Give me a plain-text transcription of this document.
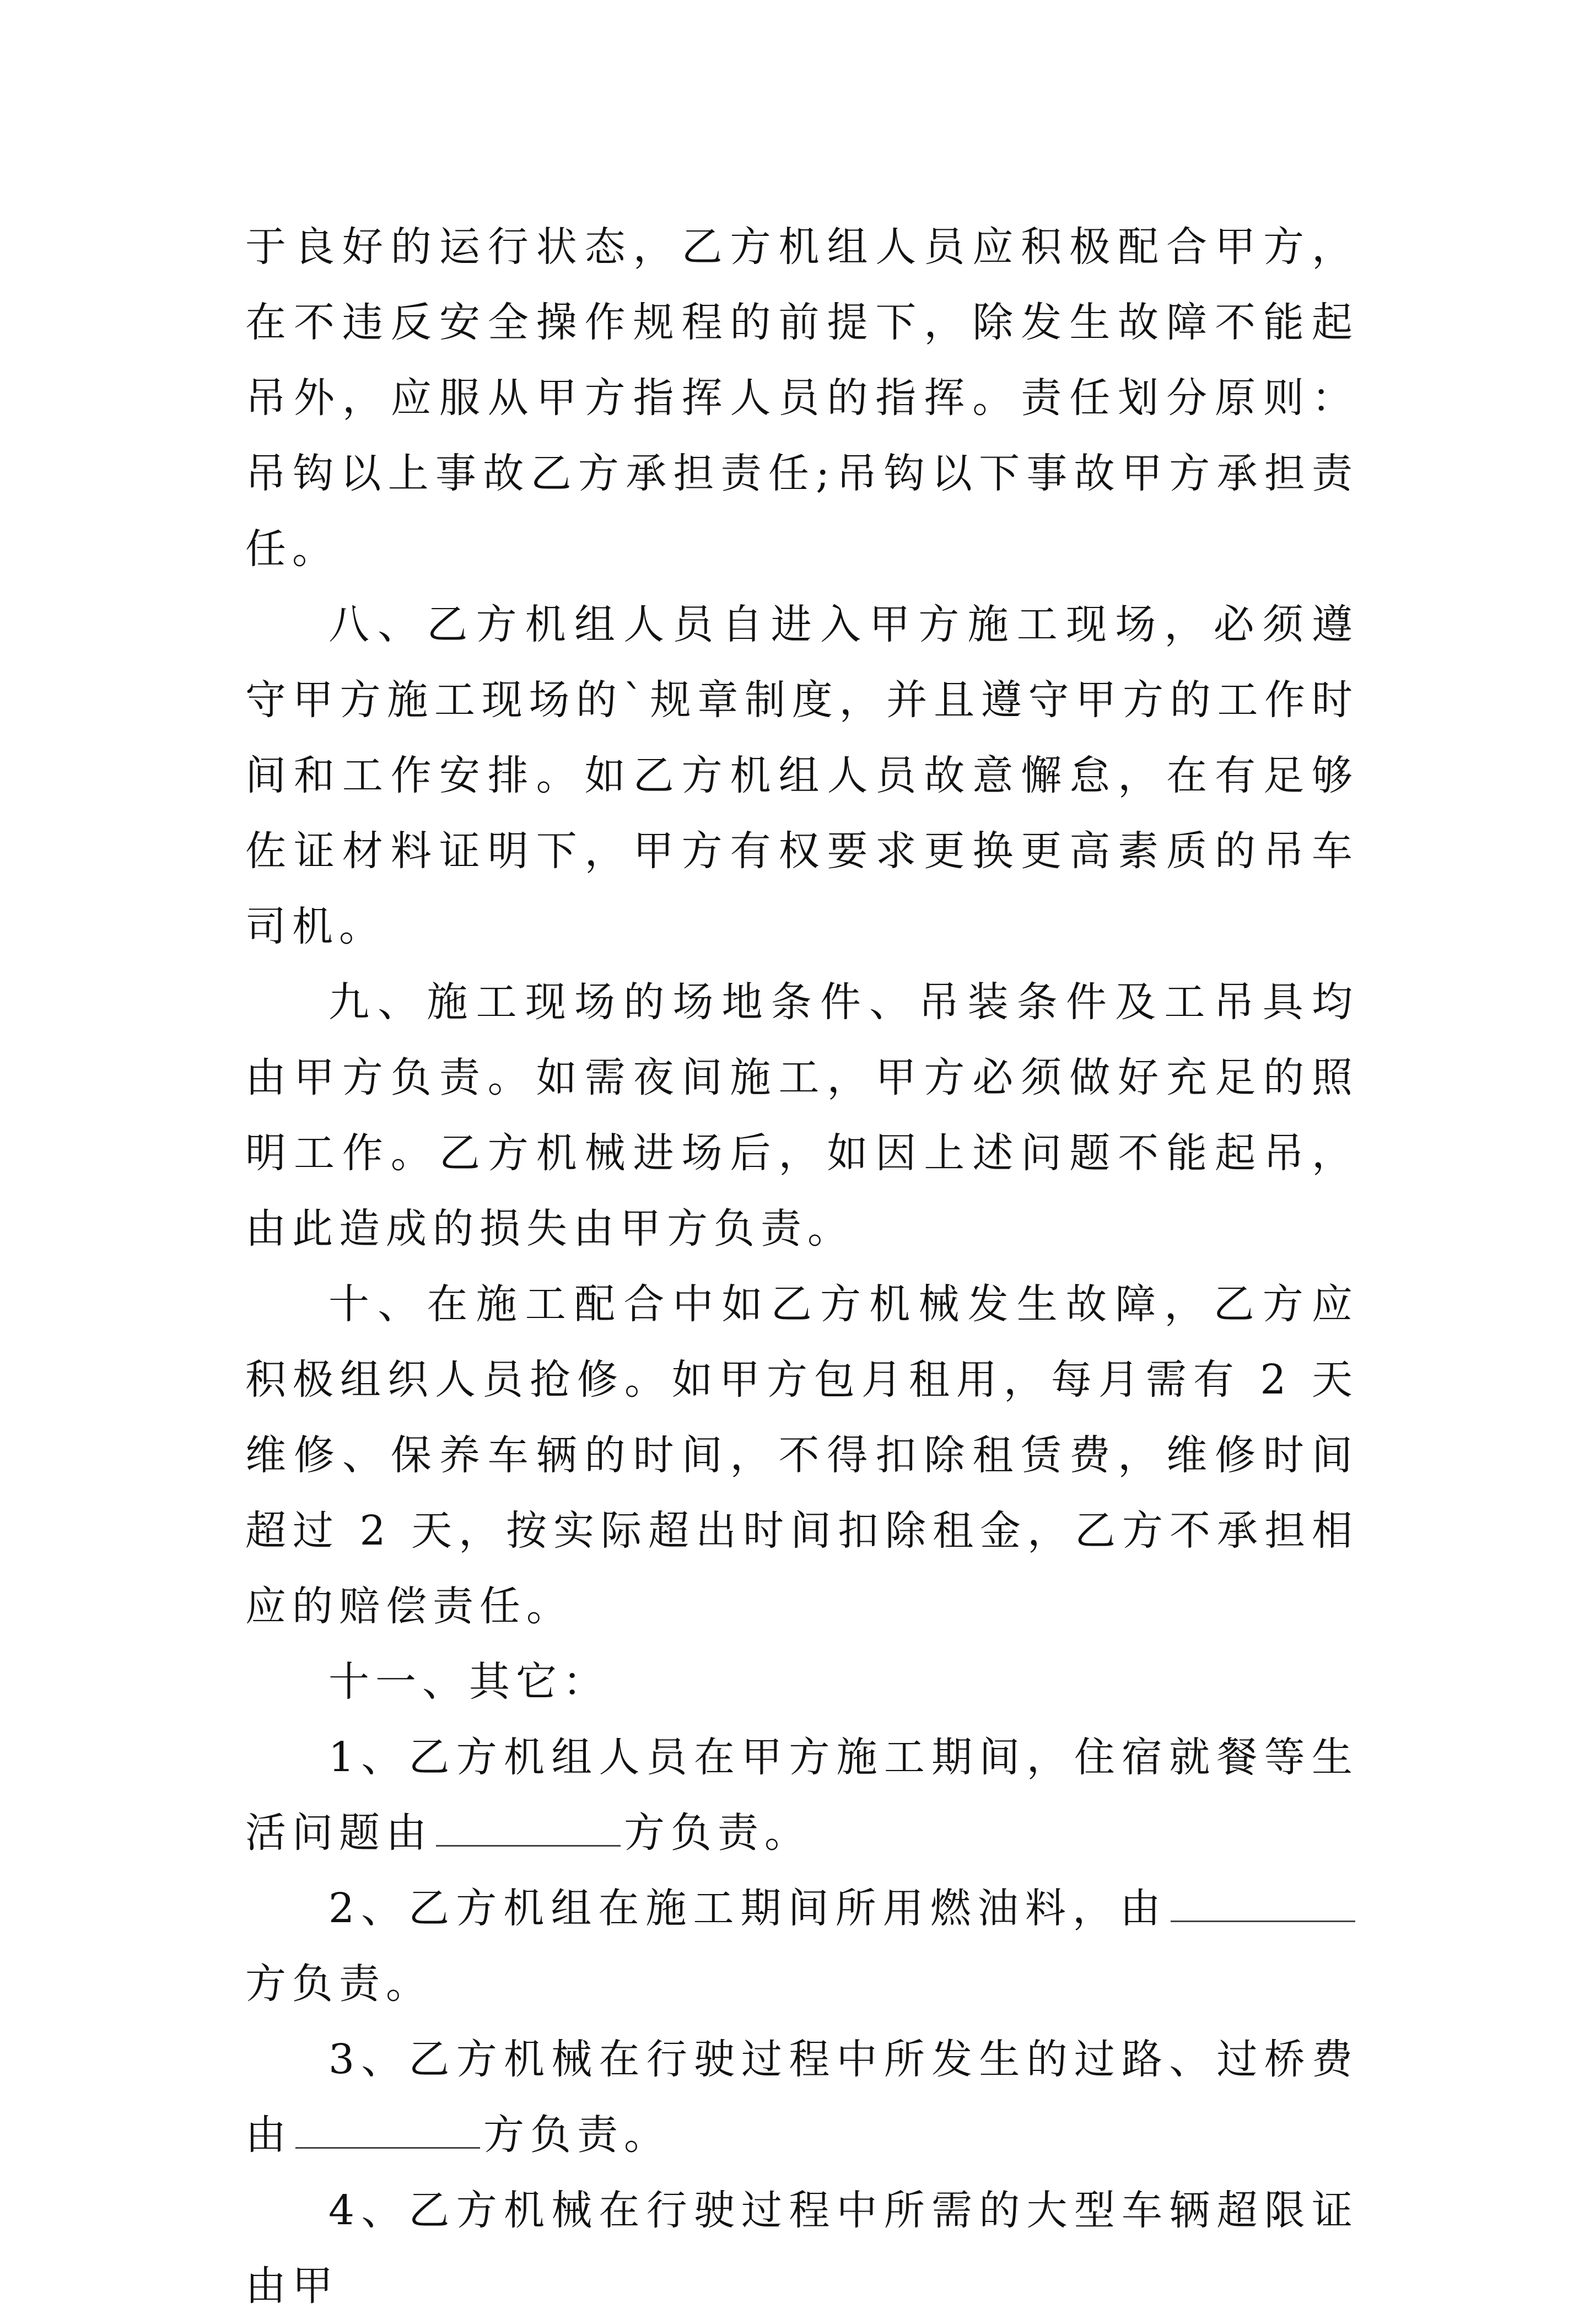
于良好的运行状态，乙方机组人员应积极配合甲方，在不违反安全操作规程的前提下，除发生故障不能起吊外，应服从甲方指挥人员的指挥。责任划分原则：吊钩以上事故乙方承担责任;吊钩以下事故甲方承担责任。

八、乙方机组人员自进入甲方施工现场，必须遵守甲方施工现场的`规章制度，并且遵守甲方的工作时间和工作安排。如乙方机组人员故意懈怠，在有足够佐证材料证明下，甲方有权要求更换更高素质的吊车司机。

九、施工现场的场地条件、吊装条件及工吊具均由甲方负责。如需夜间施工，甲方必须做好充足的照明工作。乙方机械进场后，如因上述问题不能起吊，由此造成的损失由甲方负责。

十、在施工配合中如乙方机械发生故障，乙方应积极组织人员抢修。如甲方包月租用，每月需有 2 天维修、保养车辆的时间，不得扣除租赁费，维修时间超过 2 天，按实际超出时间扣除租金，乙方不承担相应的赔偿责任。

十一、其它：

1、乙方机组人员在甲方施工期间，住宿就餐等生活问题由	方负责。

2、乙方机组在施工期间所用燃油料，由方负责。

3、乙方机械在行驶过程中所发生的过路、过桥费由	方负责。

4、乙方机械在行驶过程中所需的大型车辆超限证由甲
